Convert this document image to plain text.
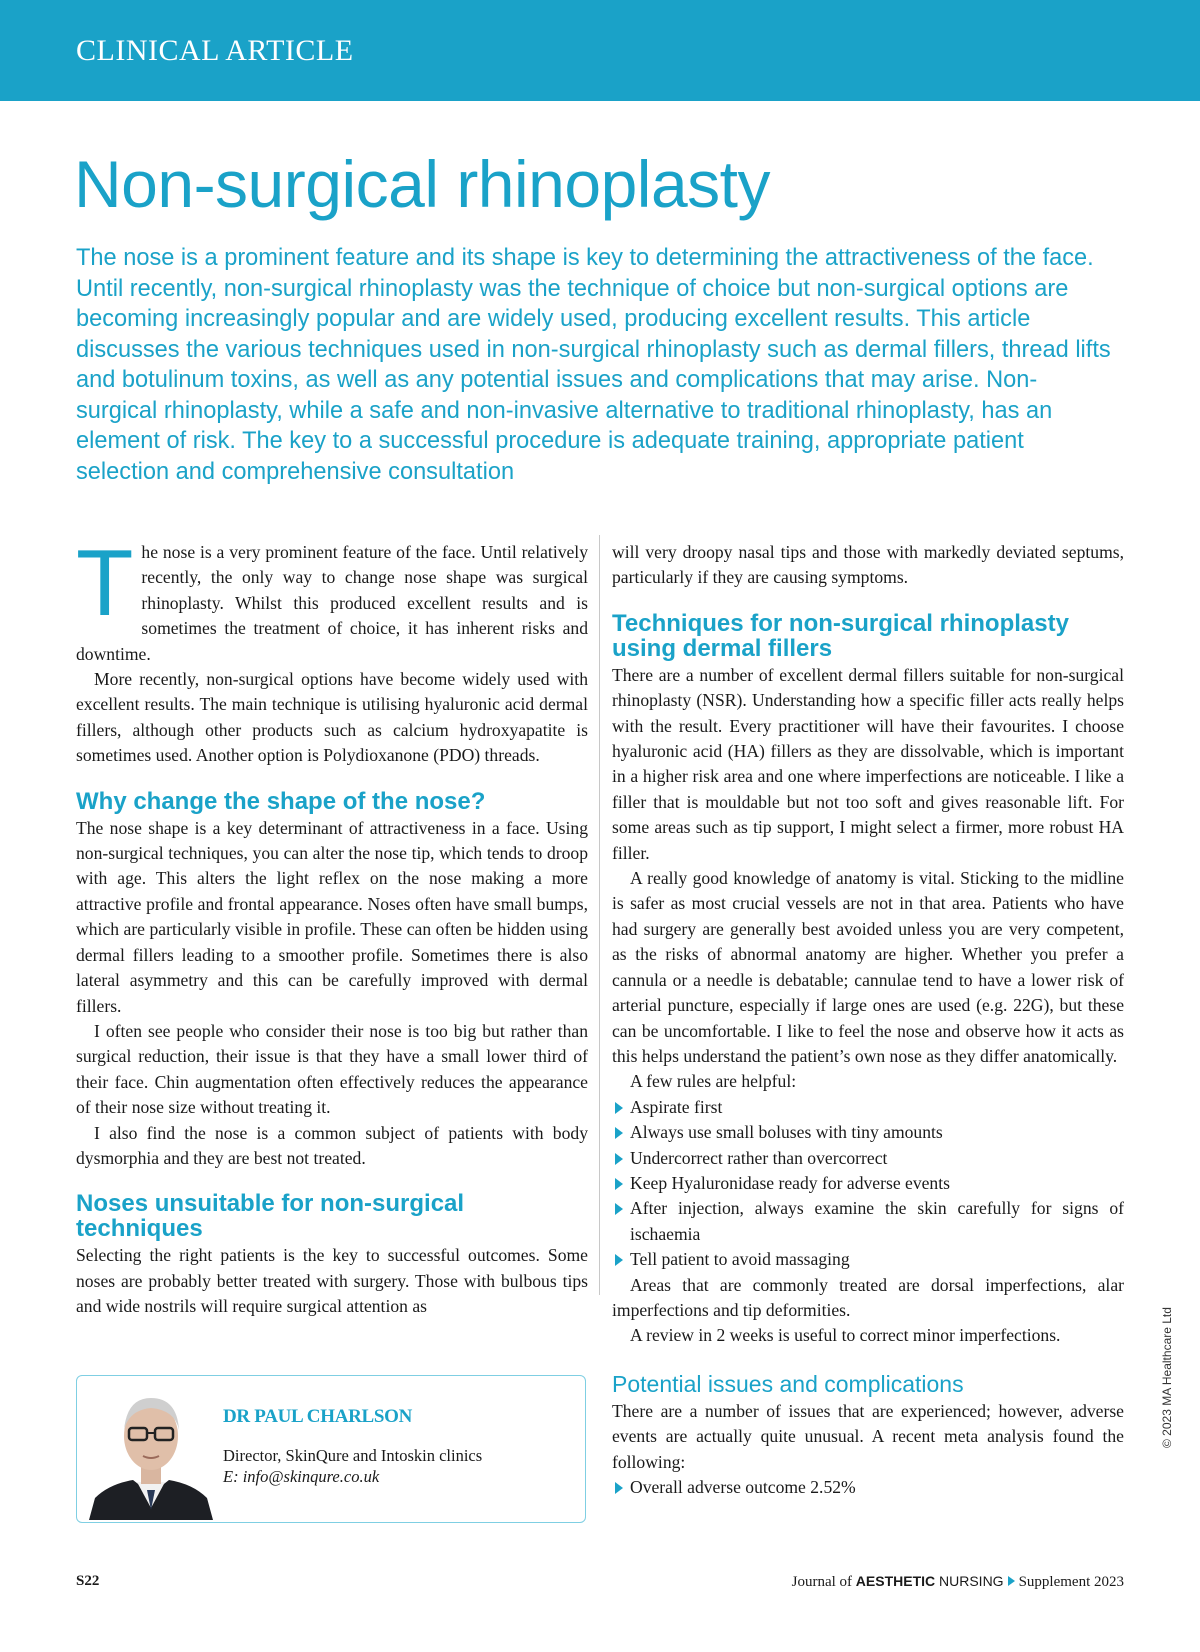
CLINICAL ARTICLE
Non-surgical rhinoplasty
The nose is a prominent feature and its shape is key to determining the attractiveness of the face. Until recently, non-surgical rhinoplasty was the technique of choice but non-surgical options are becoming increasingly popular and are widely used, producing excellent results. This article discusses the various techniques used in non-surgical rhinoplasty such as dermal fillers, thread lifts and botulinum toxins, as well as any potential issues and complications that may arise. Non-surgical rhinoplasty, while a safe and non-invasive alternative to traditional rhinoplasty, has an element of risk. The key to a successful procedure is adequate training, appropriate patient selection and comprehensive consultation

The nose is a very prominent feature of the face. Until relatively recently, the only way to change nose shape was surgical rhinoplasty. Whilst this produced excellent results and is sometimes the treatment of choice, it has inherent risks and downtime.

More recently, non-surgical options have become widely used with excellent results. The main technique is utilising hyaluronic acid dermal fillers, although other products such as calcium hydroxyapatite is sometimes used. Another option is Polydioxanone (PDO) threads.

Why change the shape of the nose?

The nose shape is a key determinant of attractiveness in a face. Using non-surgical techniques, you can alter the nose tip, which tends to droop with age. This alters the light reflex on the nose making a more attractive profile and frontal appearance. Noses often have small bumps, which are particularly visible in profile. These can often be hidden using dermal fillers leading to a smoother profile. Sometimes there is also lateral asymmetry and this can be carefully improved with dermal fillers.

I often see people who consider their nose is too big but rather than surgical reduction, their issue is that they have a small lower third of their face. Chin augmentation often effectively reduces the appearance of their nose size without treating it.

I also find the nose is a common subject of patients with body dysmorphia and they are best not treated.

Noses unsuitable for non-surgical techniques

Selecting the right patients is the key to successful outcomes. Some noses are probably better treated with surgery. Those with bulbous tips and wide nostrils will require surgical attention as

will very droopy nasal tips and those with markedly deviated septums, particularly if they are causing symptoms.

Techniques for non-surgical rhinoplasty using dermal fillers

There are a number of excellent dermal fillers suitable for non-surgical rhinoplasty (NSR). Understanding how a specific filler acts really helps with the result. Every practitioner will have their favourites. I choose hyaluronic acid (HA) fillers as they are dissolvable, which is important in a higher risk area and one where imperfections are noticeable. I like a filler that is mouldable but not too soft and gives reasonable lift. For some areas such as tip support, I might select a firmer, more robust HA filler.

A really good knowledge of anatomy is vital. Sticking to the midline is safer as most crucial vessels are not in that area. Patients who have had surgery are generally best avoided unless you are very competent, as the risks of abnormal anatomy are higher. Whether you prefer a cannula or a needle is debatable; cannulae tend to have a lower risk of arterial puncture, especially if large ones are used (e.g. 22G), but these can be uncomfortable. I like to feel the nose and observe how it acts as this helps understand the patient’s own nose as they differ anatomically.

A few rules are helpful:

Aspirate first
Always use small boluses with tiny amounts
Undercorrect rather than overcorrect
Keep Hyaluronidase ready for adverse events
After injection, always examine the skin carefully for signs of ischaemia
Tell patient to avoid massaging

Areas that are commonly treated are dorsal imperfections, alar imperfections and tip deformities.

A review in 2 weeks is useful to correct minor imperfections.

Potential issues and complications

There are a number of issues that are experienced; however, adverse events are actually quite unusual. A recent meta analysis found the following:

Overall adverse outcome 2.52%
DR PAUL CHARLSON
Director, SkinQure and Intoskin clinics
E: info@skinqure.co.uk
© 2023 MA Healthcare Ltd
S22	Journal of AESTHETIC NURSING Supplement 2023
